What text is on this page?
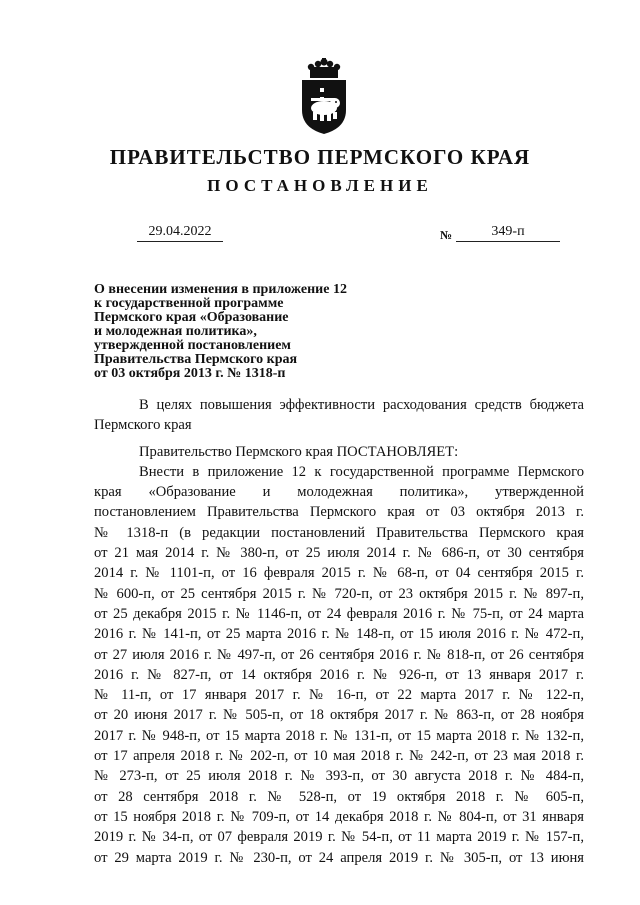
ПРАВИТЕЛЬСТВО ПЕРМСКОГО КРАЯ
ПОСТАНОВЛЕНИЕ
29.04.2022	№	349-п
О внесении изменения в приложение 12
к государственной программе
Пермского края «Образование
и молодежная политика»,
утвержденной постановлением
Правительства Пермского края
от 03 октября 2013 г. № 1318-п
В целях повышения эффективности расходования средств бюджета
Пермского края
Правительство Пермского края ПОСТАНОВЛЯЕТ:
Внести в приложение 12 к государственной программе Пермского
края «Образование и молодежная политика», утвержденной
постановлением Правительства Пермского края от 03 октября 2013 г.
№ 1318-п (в редакции постановлений Правительства Пермского края
от 21 мая 2014 г. № 380-п, от 25 июля 2014 г. № 686-п, от 30 сентября
2014 г. № 1101-п, от 16 февраля 2015 г. № 68-п, от 04 сентября 2015 г.
№ 600-п, от 25 сентября 2015 г. № 720-п, от 23 октября 2015 г. № 897-п,
от 25 декабря 2015 г. № 1146-п, от 24 февраля 2016 г. № 75-п, от 24 марта
2016 г. № 141-п, от 25 марта 2016 г. № 148-п, от 15 июля 2016 г. № 472-п,
от 27 июля 2016 г. № 497-п, от 26 сентября 2016 г. № 818-п, от 26 сентября
2016 г. № 827-п, от 14 октября 2016 г. № 926-п, от 13 января 2017 г.
№ 11-п, от 17 января 2017 г. № 16-п, от 22 марта 2017 г. № 122-п,
от 20 июня 2017 г. № 505-п, от 18 октября 2017 г. № 863-п, от 28 ноября
2017 г. № 948-п, от 15 марта 2018 г. № 131-п, от 15 марта 2018 г. № 132-п,
от 17 апреля 2018 г. № 202-п, от 10 мая 2018 г. № 242-п, от 23 мая 2018 г.
№ 273-п, от 25 июля 2018 г. № 393-п, от 30 августа 2018 г. № 484-п,
от 28 сентября 2018 г. № 528-п, от 19 октября 2018 г. № 605-п,
от 15 ноября 2018 г. № 709-п, от 14 декабря 2018 г. № 804-п, от 31 января
2019 г. № 34-п, от 07 февраля 2019 г. № 54-п, от 11 марта 2019 г. № 157-п,
от 29 марта 2019 г. № 230-п, от 24 апреля 2019 г. № 305-п, от 13 июня
